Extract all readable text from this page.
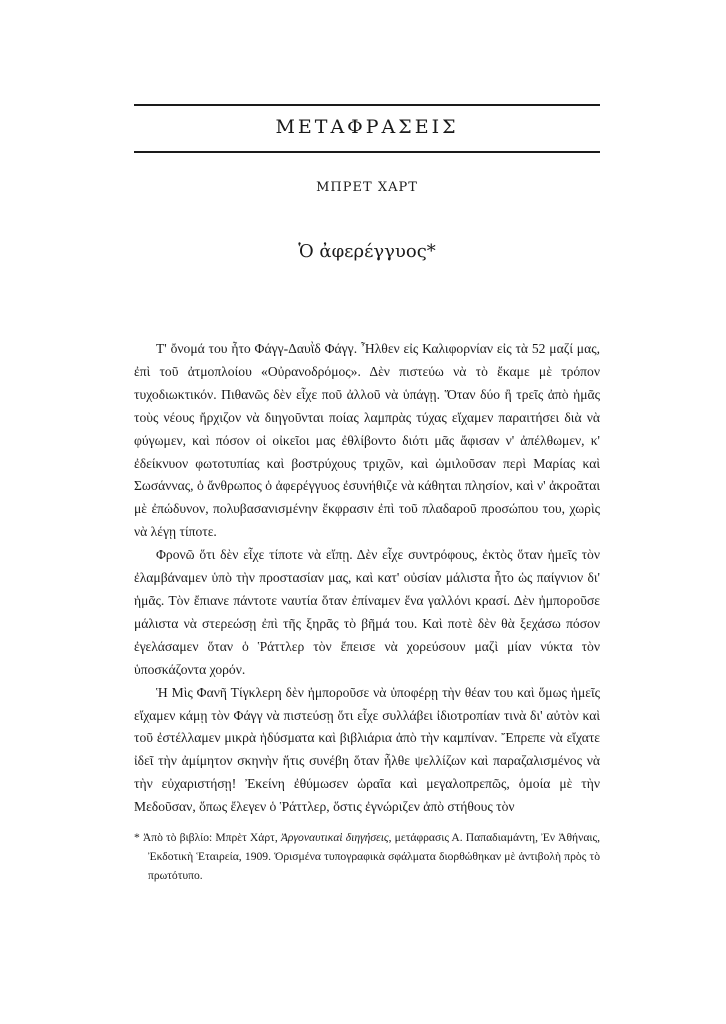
ΜΕΤΑΦΡΑΣΕΙΣ
ΜΠΡΕΤ ΧΑΡΤ
Ὁ ἀφερέγγυος*

Τ' ὄνομά του ἦτο Φάγγ-Δαυῒδ Φάγγ. Ἦλθεν εἰς Καλιφορνίαν εἰς τὰ 52 μαζί μας, ἐπὶ τοῦ ἀτμοπλοίου «Οὐρανοδρόμος». Δὲν πιστεύω νὰ τὸ ἔκαμε μὲ τρόπον τυχοδιωκτικόν. Πιθανῶς δὲν εἶχε ποῦ ἀλλοῦ νὰ ὑπάγῃ. Ὅταν δύο ἢ τρεῖς ἀπὸ ἡμᾶς τοὺς νέους ἤρχιζον νὰ διηγοῦνται ποίας λαμπρὰς τύχας εἴχαμεν παραιτήσει διὰ νὰ φύγωμεν, καὶ πόσον οἱ οἰκεῖοι μας ἐθλίβοντο διότι μᾶς ἄφισαν ν' ἀπέλθωμεν, κ' ἐδείκνυον φωτοτυπίας καὶ βοστρύχους τριχῶν, καὶ ὡμιλοῦσαν περὶ Μαρίας καὶ Σωσάννας, ὁ ἄνθρωπος ὁ ἀφερέγγυος ἐσυνήθιζε νὰ κάθηται πλησίον, καὶ ν' ἀκροᾶται μὲ ἐπώδυνον, πολυβασανισμένην ἔκφρασιν ἐπὶ τοῦ πλαδαροῦ προσώπου του, χωρὶς νὰ λέγῃ τίποτε.

Φρονῶ ὅτι δὲν εἶχε τίποτε νὰ εἴπῃ. Δὲν εἶχε συντρόφους, ἐκτὸς ὅταν ἡμεῖς τὸν ἐλαμβάναμεν ὑπὸ τὴν προστασίαν μας, καὶ κατ' οὐσίαν μάλιστα ἦτο ὡς παίγνιον δι' ἡμᾶς. Τὸν ἔπιανε πάντοτε ναυτία ὅταν ἐπίναμεν ἕνα γαλλόνι κρασί. Δὲν ἠμποροῦσε μάλιστα νὰ στερεώσῃ ἐπὶ τῆς ξηρᾶς τὸ βῆμά του. Καὶ ποτὲ δὲν θὰ ξεχάσω πόσον ἐγελάσαμεν ὅταν ὁ Ῥάττλερ τὸν ἔπεισε νὰ χορεύσουν μαζὶ μίαν νύκτα τὸν ὑποσκάζοντα χορόν.

Ἡ Μὶς Φανῆ Τίγκλερη δὲν ἠμποροῦσε νὰ ὑποφέρῃ τὴν θέαν του καὶ ὅμως ἡμεῖς εἴχαμεν κάμῃ τὸν Φάγγ νὰ πιστεύσῃ ὅτι εἶχε συλλάβει ἰδιοτροπίαν τινὰ δι' αὐτὸν καὶ τοῦ ἐστέλλαμεν μικρὰ ἡδύσματα καὶ βιβλιάρια ἀπὸ τὴν καμπίναν. Ἔπρεπε νὰ εἴχατε ἰδεῖ τὴν ἀμίμητον σκηνὴν ἥτις συνέβη ὅταν ἦλθε ψελλίζων καὶ παραζαλισμένος νὰ τὴν εὐχαριστήσῃ! Ἐκείνη ἐθύμωσεν ὡραῖα καὶ μεγαλοπρεπῶς, ὁμοία μὲ τὴν Μεδοῦσαν, ὅπως ἔλεγεν ὁ Ῥάττλερ, ὅστις ἐγνώριζεν ἀπὸ στήθους τὸν

* Ἀπὸ τὸ βιβλίο: Μπρὲτ Χάρτ, Ἀργοναυτικαὶ διηγήσεις, μετάφρασις Α. Παπαδιαμάντη, Ἐν Ἀθήναις, Ἐκδοτικὴ Ἑταιρεία, 1909. Ὁρισμένα τυπογραφικὰ σφάλματα διορθώθηκαν μὲ ἀντιβολὴ πρὸς τὸ πρωτότυπο.
